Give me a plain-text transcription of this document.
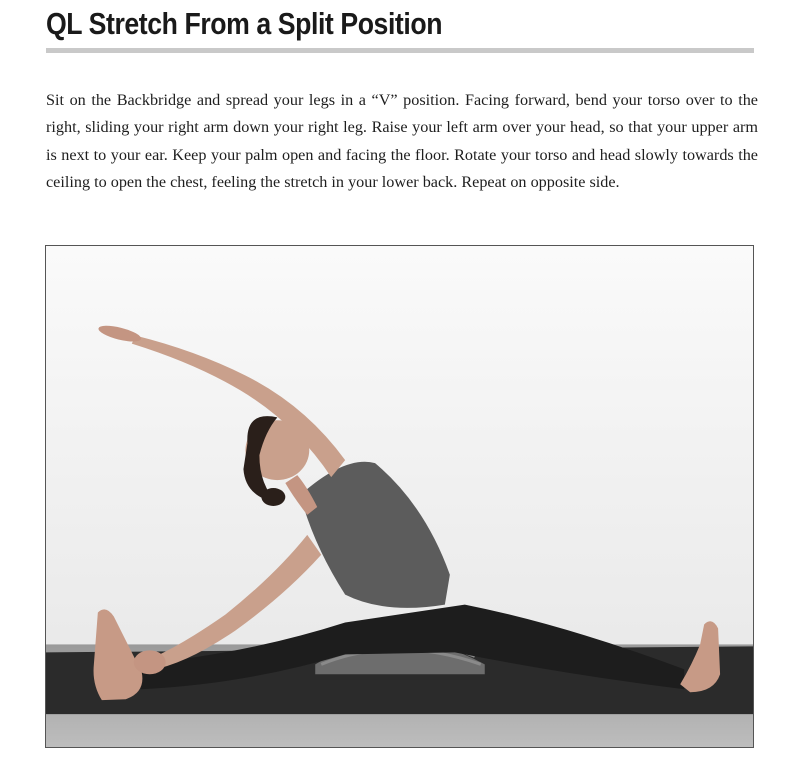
QL Stretch From a Split Position

Sit on the Backbridge and spread your legs in a “V” position. Facing forward, bend your torso over to the right, sliding your right arm down your right leg. Raise your left arm over your head, so that your upper arm is next to your ear. Keep your palm open and facing the floor. Rotate your torso and head slowly towards the ceiling to open the chest, feeling the stretch in your lower back. Repeat on opposite side.
